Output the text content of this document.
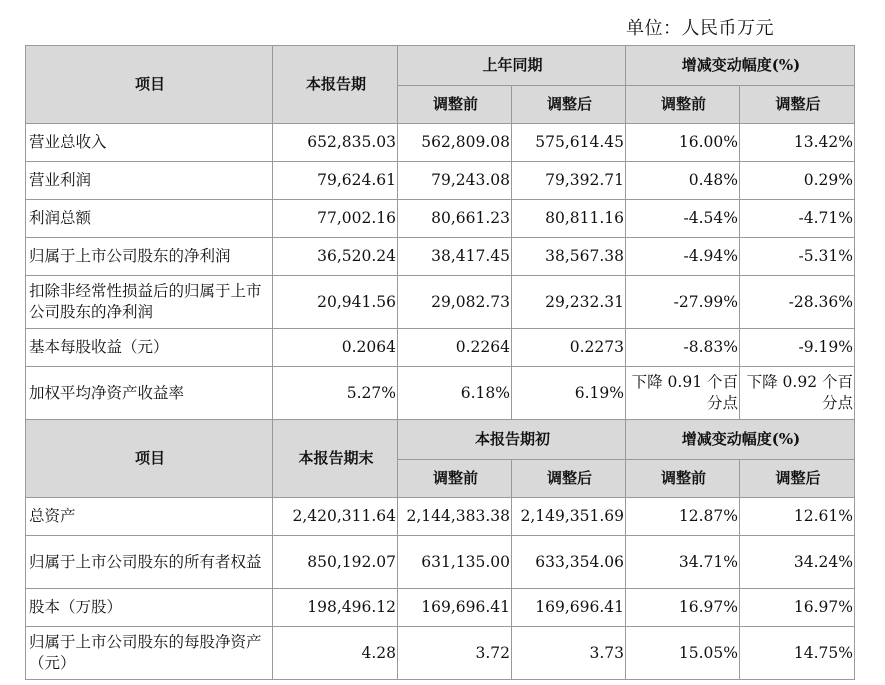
单位：人民币万元
项目	本报告期	上年同期		增减变动幅度(%)	
		调整前	调整后	调整前	调整后
营业总收入	652,835.03	562,809.08	575,614.45	16.00%	13.42%
营业利润	79,624.61	79,243.08	79,392.71	0.48%	0.29%
利润总额	77,002.16	80,661.23	80,811.16	-4.54%	-4.71%
归属于上市公司股东的净利润	36,520.24	38,417.45	38,567.38	-4.94%	-5.31%
扣除非经常性损益后的归属于上市公司股东的净利润	20,941.56	29,082.73	29,232.31	-27.99%	-28.36%
基本每股收益（元）	0.2064	0.2264	0.2273	-8.83%	-9.19%
加权平均净资产收益率	5.27%	6.18%	6.19%	下降 0.91 个百分点	下降 0.92 个百分点
项目	本报告期末	本报告期初		增减变动幅度(%)	
		调整前	调整后	调整前	调整后
总资产	2,420,311.64	2,144,383.38	2,149,351.69	12.87%	12.61%
归属于上市公司股东的所有者权益	850,192.07	631,135.00	633,354.06	34.71%	34.24%
股本（万股）	198,496.12	169,696.41	169,696.41	16.97%	16.97%
归属于上市公司股东的每股净资产（元）	4.28	3.72	3.73	15.05%	14.75%
